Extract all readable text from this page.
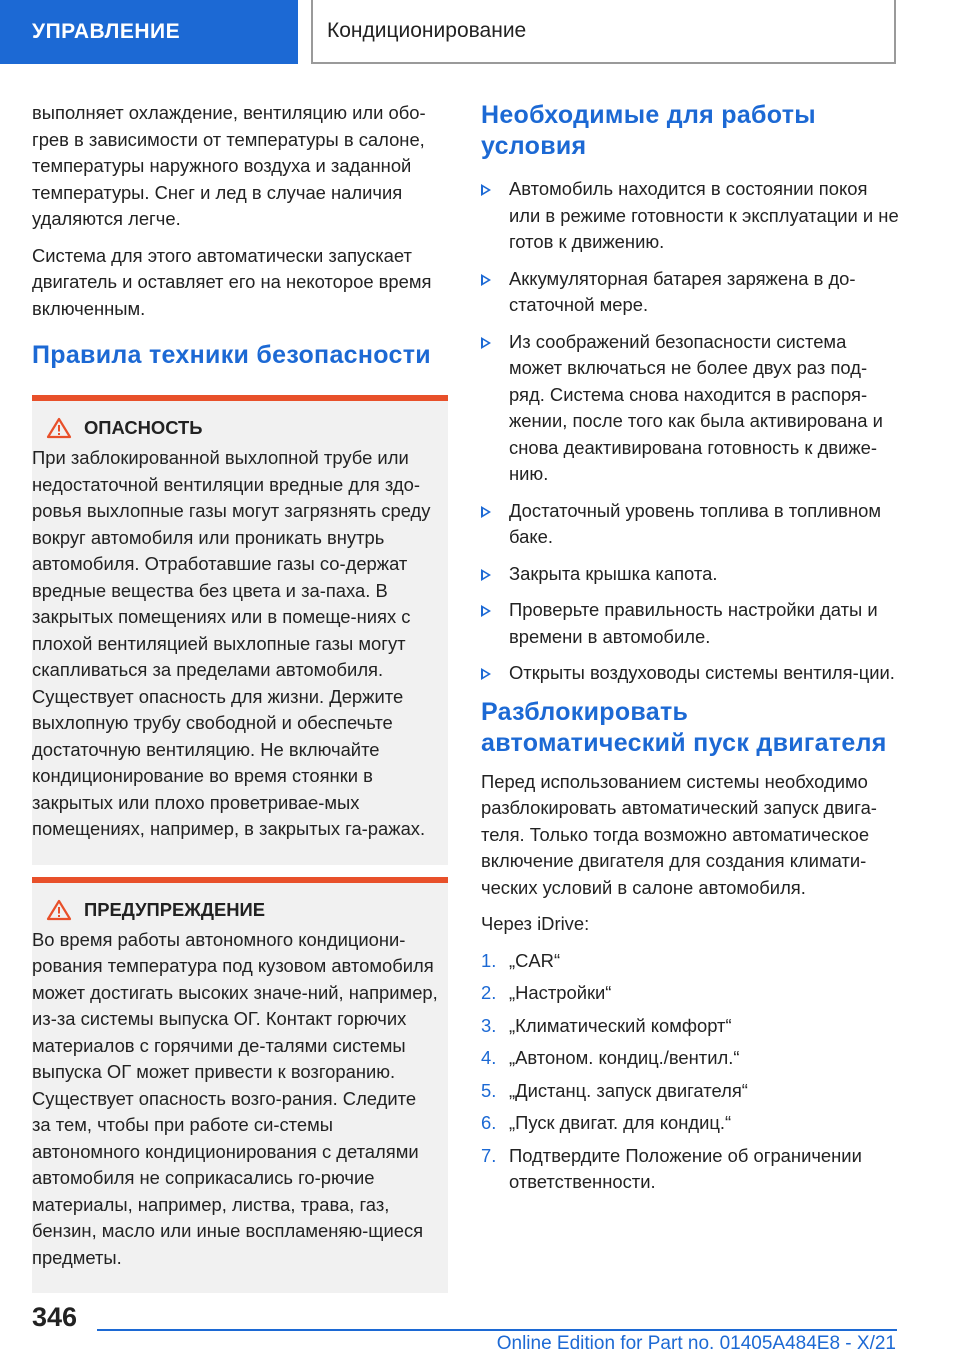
УПРАВЛЕНИЕ	Кондиционирование

выполняет охлаждение, вентиляцию или обо-грев в зависимости от температуры в салоне, температуры наружного воздуха и заданной температуры. Снег и лед в случае наличия удаляются легче.

Система для этого автоматически запускает двигатель и оставляет его на некоторое время включенным.

Правила техники безопасности
ОПАСНОСТЬ

При заблокированной выхлопной трубе или недостаточной вентиляции вредные для здо-ровья выхлопные газы могут загрязнять среду вокруг автомобиля или проникать внутрь автомобиля. Отработавшие газы со-держат вредные вещества без цвета и за-паха. В закрытых помещениях или в помеще-ниях с плохой вентиляцией выхлопные газы могут скапливаться за пределами автомобиля. Существует опасность для жизни. Держите выхлопную трубу свободной и обеспечьте достаточную вентиляцию. Не включайте кондиционирование во время стоянки в закрытых или плохо проветривае-мых помещениях, например, в закрытых га-ражах.

ПРЕДУПРЕЖДЕНИЕ

Во время работы автономного кондициони-рования температура под кузовом автомобиля может достигать высоких значе-ний, например, из-за системы выпуска ОГ. Контакт горючих материалов с горячими де-талями системы выпуска ОГ может привести к возгоранию. Существует опасность возго-рания. Следите за тем, чтобы при работе си-стемы автономного кондиционирования с деталями автомобиля не соприкасались го-рючие материалы, например, листва, трава, газ, бензин, масло или иные воспламеняю-щиеся предметы.

Необходимые для работы условия
Автомобиль находится в состоянии покоя или в режиме готовности к эксплуатации и не готов к движению.
Аккумуляторная батарея заряжена в до-статочной мере.
Из соображений безопасности система может включаться не более двух раз под-ряд. Система снова находится в распоря-жении, после того как была активирована и снова деактивирована готовность к движе-нию.
Достаточный уровень топлива в топливном баке.
Закрыта крышка капота.
Проверьте правильность настройки даты и времени в автомобиле.
Открыты воздуховоды системы вентиля-ции.
Разблокировать автоматический пуск двигателя

Перед использованием системы необходимо разблокировать автоматический запуск двига-теля. Только тогда возможно автоматическое включение двигателя для создания климати-ческих условий в салоне автомобиля.

Через iDrive:

1. „CAR“
2. „Настройки“
3. „Климатический комфорт“
4. „Автоном. кондиц./вентил.“
5. „Дистанц. запуск двигателя“
6. „Пуск двигат. для кондиц.“
7. Подтвердите Положение об ограничении ответственности.
346
Online Edition for Part no. 01405A484E8 - X/21
